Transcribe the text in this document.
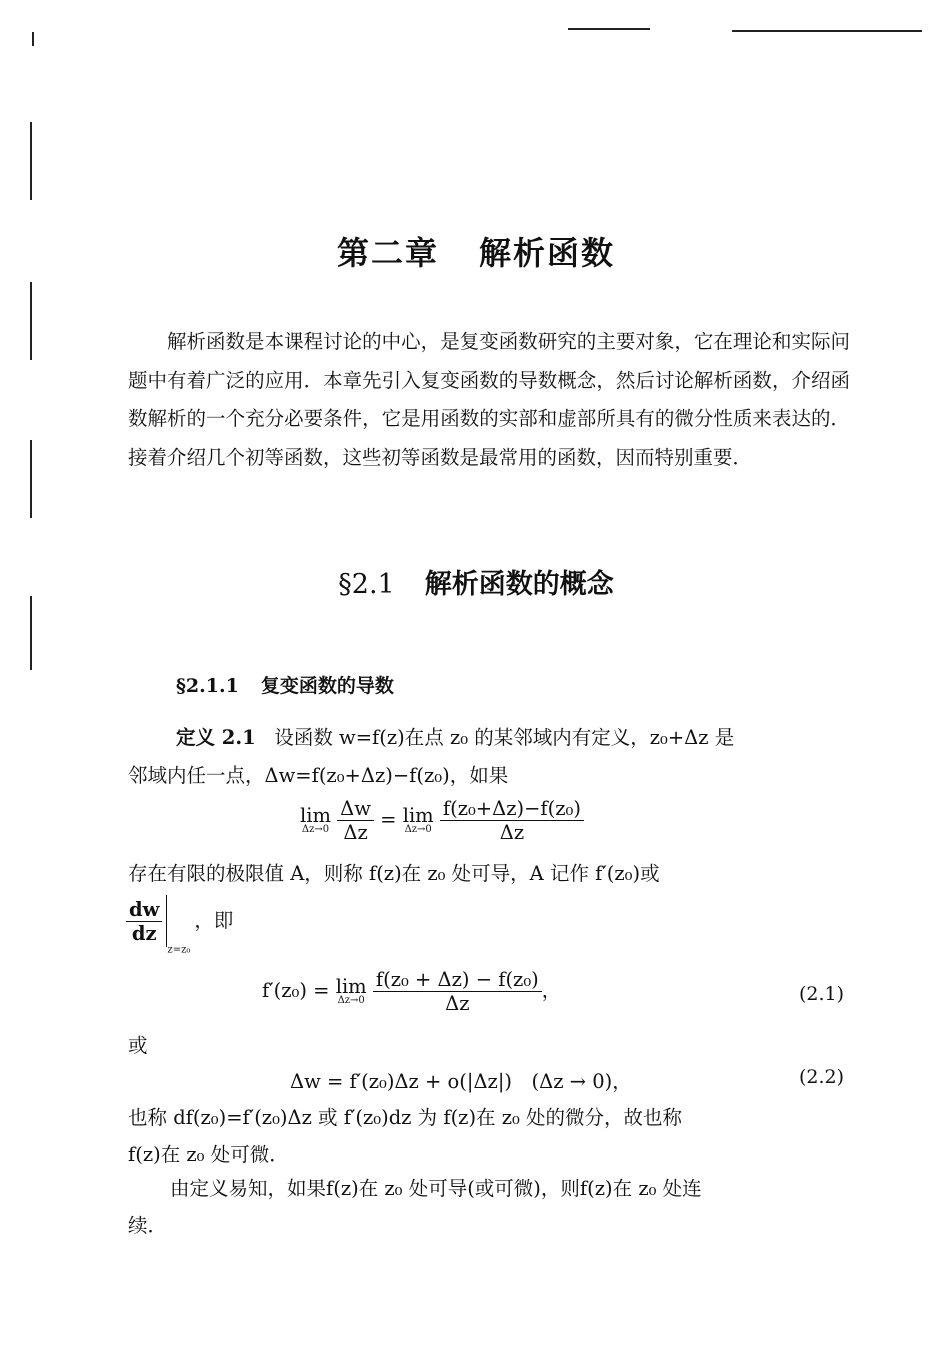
第二章 解析函数

解析函数是本课程讨论的中心，是复变函数研究的主要对象，它在理论和实际问题中有着广泛的应用．本章先引入复变函数的导数概念，然后讨论解析函数，介绍函数解析的一个充分必要条件，它是用函数的实部和虚部所具有的微分性质来表达的．接着介绍几个初等函数，这些初等函数是最常用的函数，因而特别重要．

§2.1 解析函数的概念
§2.1.1 复变函数的导数
定义 2.1 设函数 w=f(z)在点 z₀ 的某邻域内有定义，z₀+Δz 是
邻域内任一点，Δw=f(z₀+Δz)−f(z₀)，如果
lim
Δz→0
$\frac{\Delta w}{\Delta z} = \lim$
Δz→0
$\frac{\text{f(z₀+Δz)−f(z₀)}}{\Delta z}$
存在有限的极限值 A，则称 f(z)在 z₀ 处可导，A 记作 f′(z₀)或
$\frac{dw}{dz}$
$_{z=z_0}$，即
f′(z₀) = lim
Δz→0
$\frac{\text{f(z₀ + Δz) − f(z₀)}}{\Delta z}$ ，	(2.1)
或
Δw = f′(z₀)Δz + o(|Δz|)　(Δz → 0)，	(2.2)
也称 df(z₀)=f′(z₀)Δz 或 f′(z₀)dz 为 f(z)在 z₀ 处的微分，故也称
f(z)在 z₀ 处可微．
由定义易知，如果f(z)在 z₀ 处可导(或可微)，则f(z)在 z₀ 处连
续．
